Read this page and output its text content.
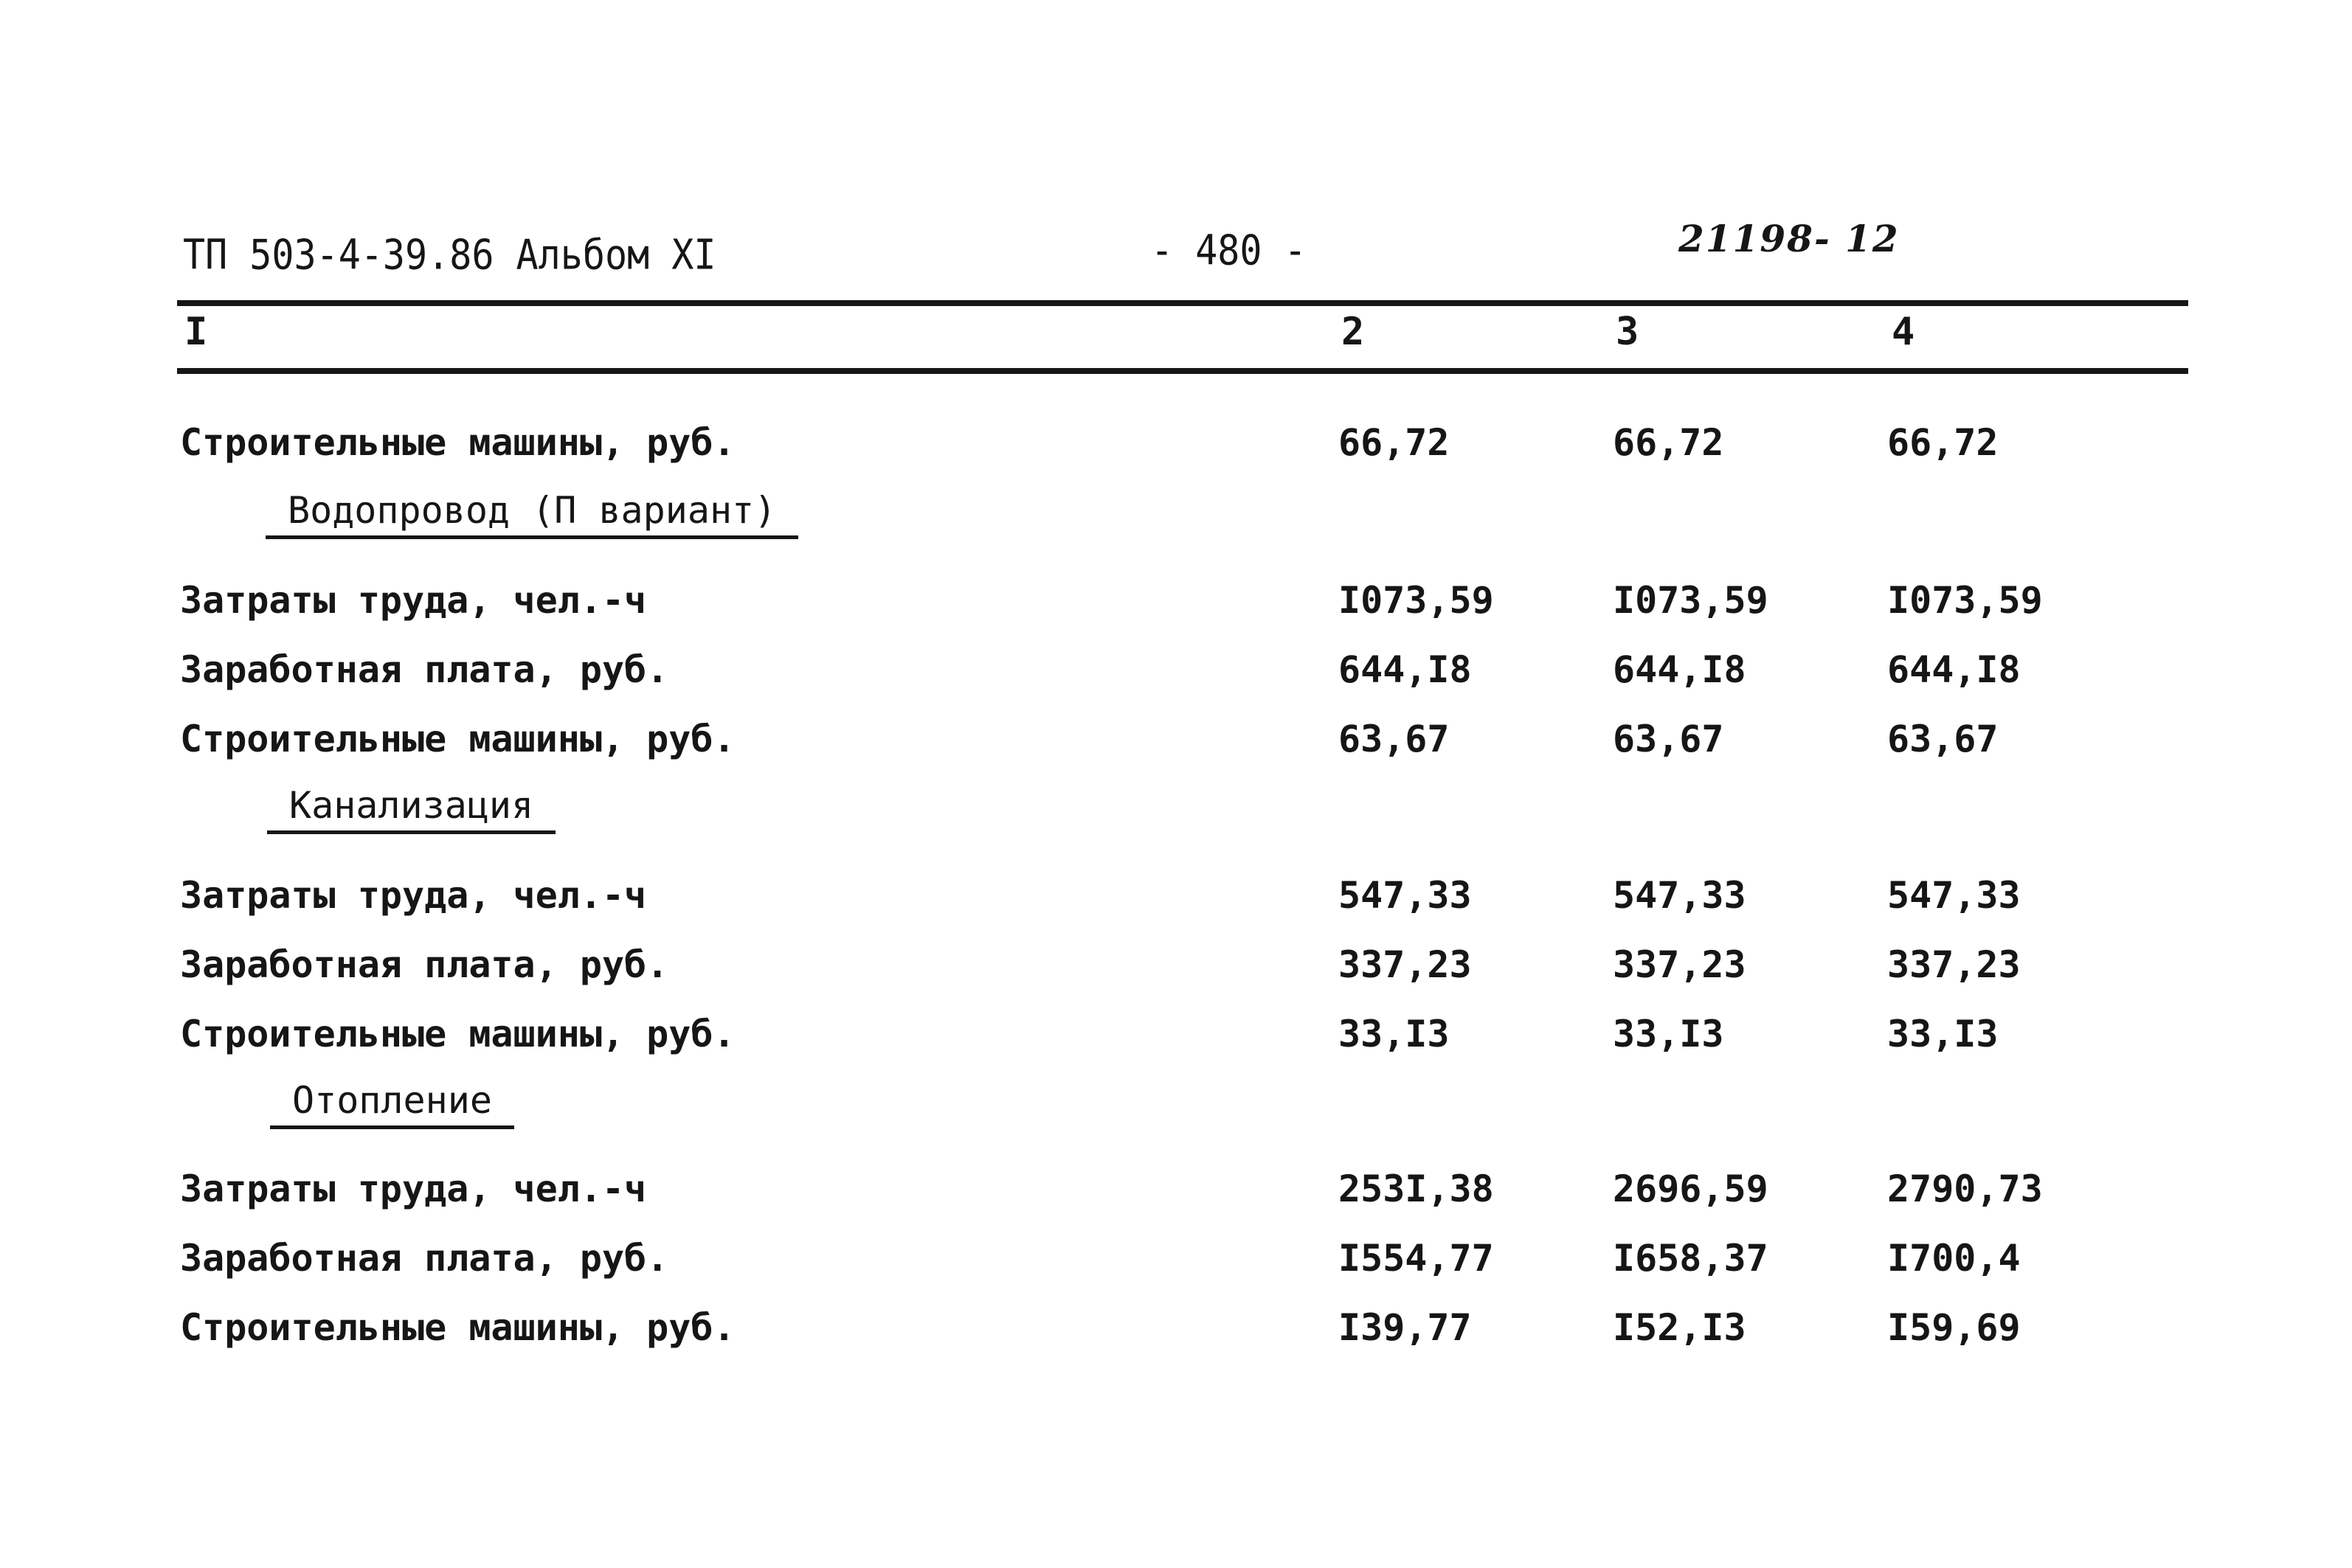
ТП 503-4-39.86 Альбом XI	- 480 -	21198- 12
I	2	3	4
Строительные машины, руб.	66,72	66,72	66,72
Водопровод (П вариант)
Затраты труда, чел.-ч	I073,59	I073,59	I073,59
Заработная плата, руб.	644,I8	644,I8	644,I8
Строительные машины, руб.	63,67	63,67	63,67
Канализация
Затраты труда, чел.-ч	547,33	547,33	547,33
Заработная плата, руб.	337,23	337,23	337,23
Строительные машины, руб.	33,I3	33,I3	33,I3
Отопление
Затраты труда, чел.-ч	253I,38	2696,59	2790,73
Заработная плата, руб.	I554,77	I658,37	I700,4
Строительные машины, руб.	I39,77	I52,I3	I59,69
